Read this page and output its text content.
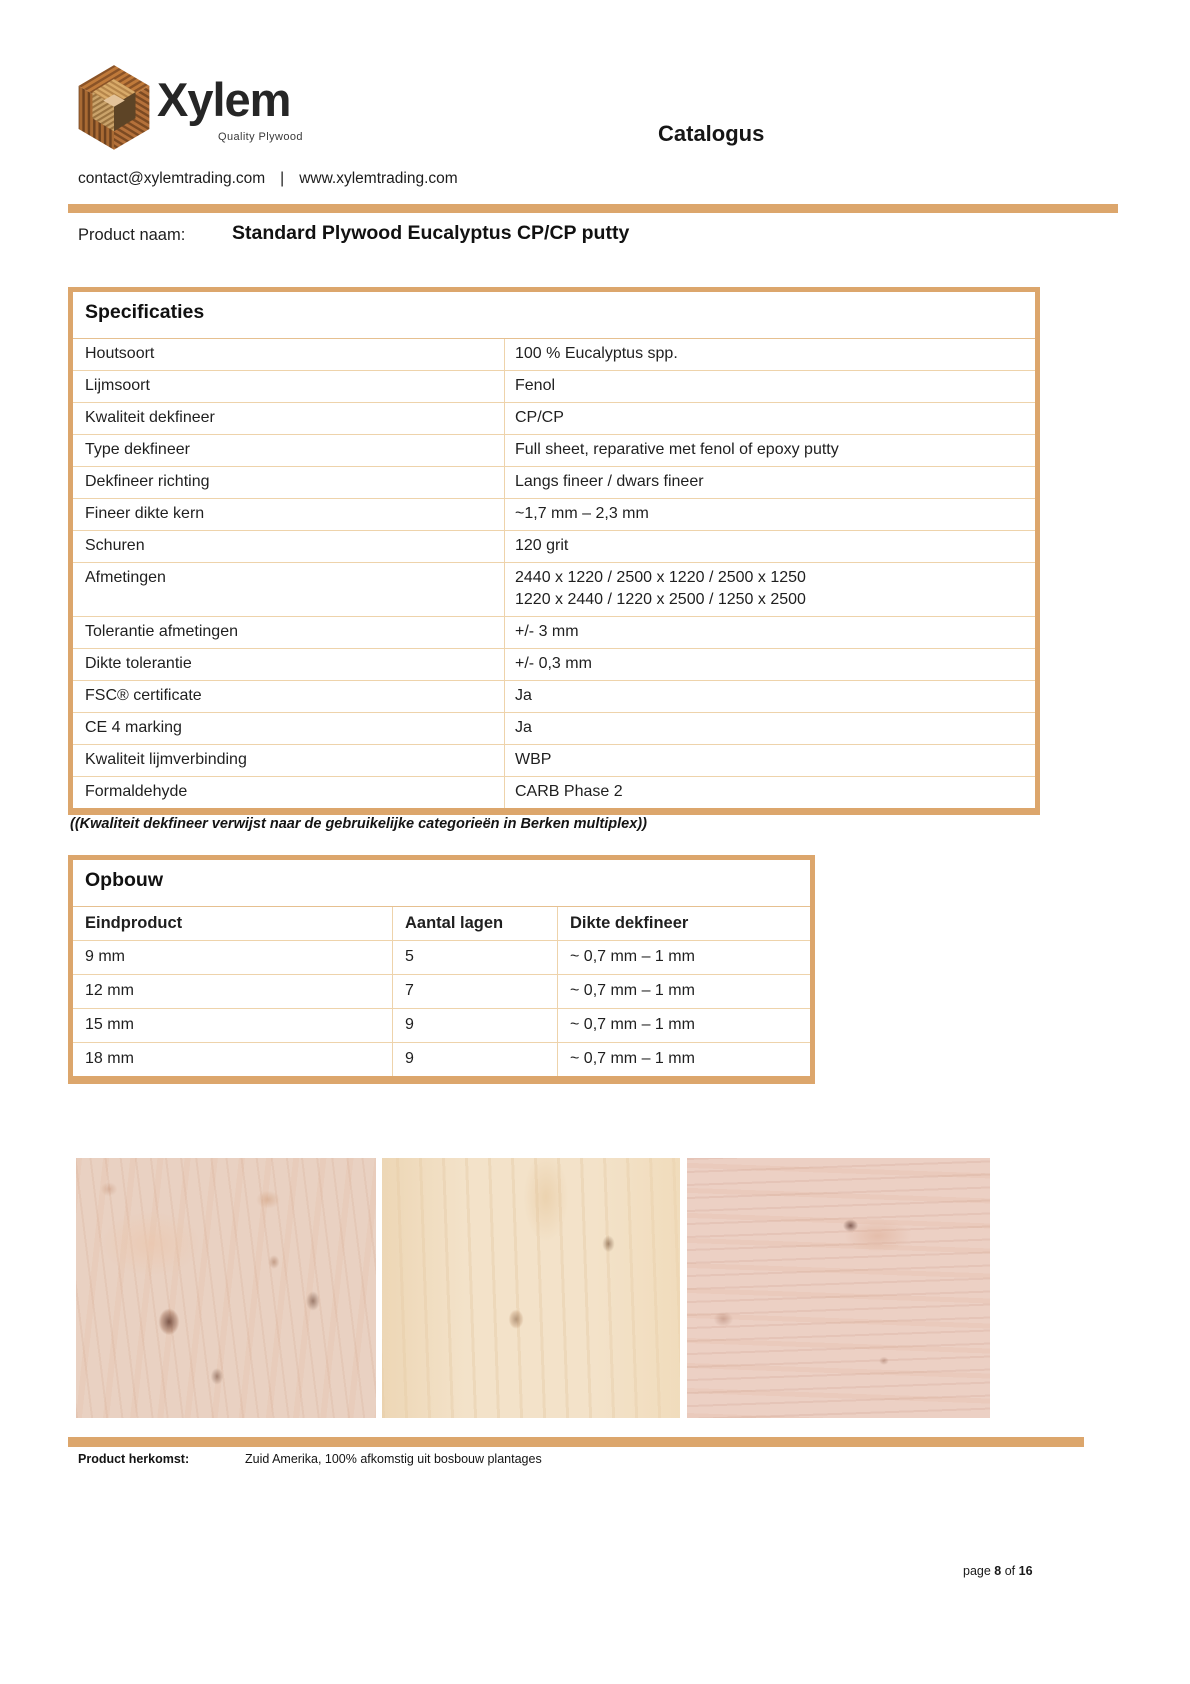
Xylem
Quality Plywood	Catalogus
contact@xylemtrading.com | www.xylemtrading.com
Product naam: Standard Plywood Eucalyptus CP/CP putty
Specificaties
Houtsoort	100 % Eucalyptus spp.
Lijmsoort	Fenol
Kwaliteit dekfineer	CP/CP
Type dekfineer	Full sheet, reparative met fenol of epoxy putty
Dekfineer richting	Langs fineer / dwars fineer
Fineer dikte kern	~1,7 mm – 2,3 mm
Schuren	120 grit
Afmetingen	2440 x 1220 / 2500 x 1220 / 2500 x 1250
1220 x 2440 / 1220 x 2500 / 1250 x 2500
Tolerantie afmetingen	+/- 3 mm
Dikte tolerantie	+/- 0,3 mm
FSC® certificate	Ja
CE 4 marking	Ja
Kwaliteit lijmverbinding	WBP
Formaldehyde	CARB Phase 2
((Kwaliteit dekfineer verwijst naar de gebruikelijke categorieën in Berken multiplex))
Opbouw
Eindproduct	Aantal lagen	Dikte dekfineer
9 mm	5	~ 0,7 mm – 1 mm
12 mm	7	~ 0,7 mm – 1 mm
15 mm	9	~ 0,7 mm – 1 mm
18 mm	9	~ 0,7 mm – 1 mm
Product herkomst:	Zuid Amerika, 100% afkomstig uit bosbouw plantages
page 8 of 16
